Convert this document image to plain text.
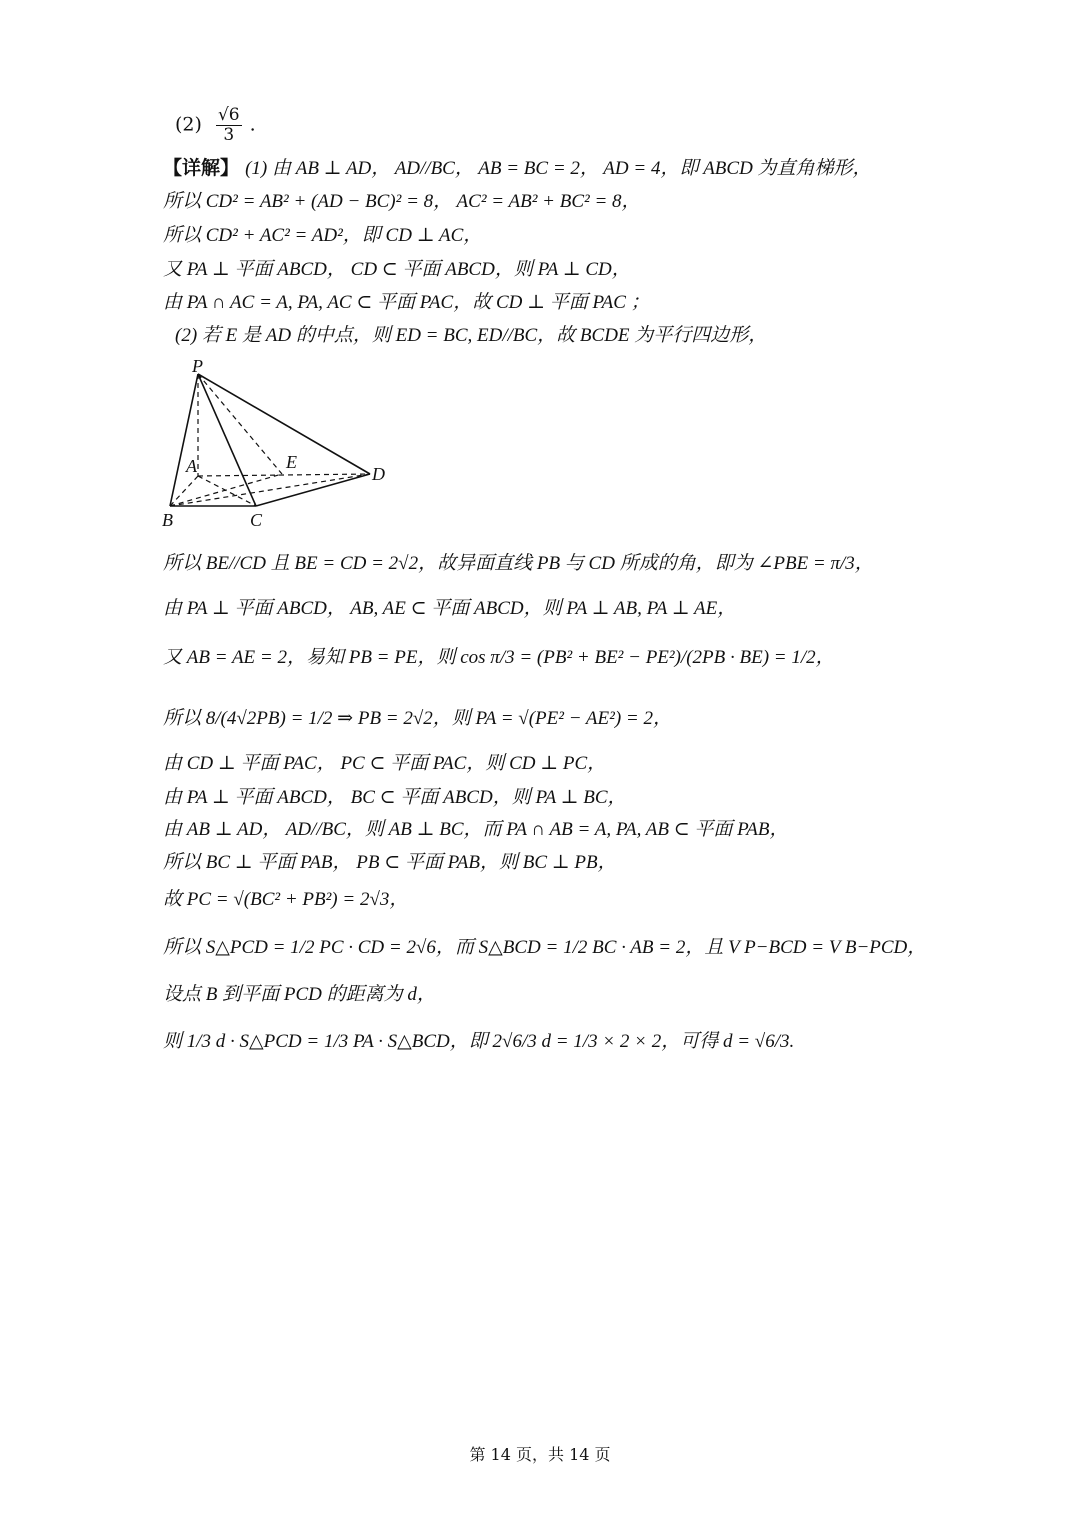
$(2) \frac{√6}{3}$ .
【详解】 (1) 由 AB ⊥ AD， AD//BC， AB = BC = 2， AD = 4，即 ABCD 为直角梯形，
所以 CD² = AB² + (AD − BC)² = 8， AC² = AB² + BC² = 8，
所以 CD² + AC² = AD²，即 CD ⊥ AC，
又 PA ⊥ 平面 ABCD， CD ⊂ 平面 ABCD，则 PA ⊥ CD，
由 PA ∩ AC = A, PA, AC ⊂ 平面 PAC，故 CD ⊥ 平面 PAC ；
(2) 若 E 是 AD 的中点，则 ED = BC, ED//BC，故 BCDE 为平行四边形，
P
A	E
D
B	C
所以 BE//CD 且 BE = CD = 2√2，故异面直线 PB 与 CD 所成的角，即为 ∠PBE = π/3，
由 PA ⊥ 平面 ABCD， AB, AE ⊂ 平面 ABCD，则 PA ⊥ AB, PA ⊥ AE，
又 AB = AE = 2，易知 PB = PE，则 cos π/3 = (PB² + BE² − PE²)/(2PB · BE) = 1/2，
所以 8/(4√2PB) = 1/2 ⇒ PB = 2√2，则 PA = √(PE² − AE²) = 2，
由 CD ⊥ 平面 PAC， PC ⊂ 平面 PAC，则 CD ⊥ PC，
由 PA ⊥ 平面 ABCD， BC ⊂ 平面 ABCD，则 PA ⊥ BC，
由 AB ⊥ AD， AD//BC，则 AB ⊥ BC，而 PA ∩ AB = A, PA, AB ⊂ 平面 PAB，
所以 BC ⊥ 平面 PAB， PB ⊂ 平面 PAB，则 BC ⊥ PB，
故 PC = √(BC² + PB²) = 2√3，
所以 S△PCD = 1/2 PC · CD = 2√6，而 S△BCD = 1/2 BC · AB = 2，且 V P−BCD = V B−PCD，
设点 B 到平面 PCD 的距离为 d，
则 1/3 d · S△PCD = 1/3 PA · S△BCD，即 2√6/3 d = 1/3 × 2 × 2，可得 d = √6/3.
第 14 页，共 14 页
